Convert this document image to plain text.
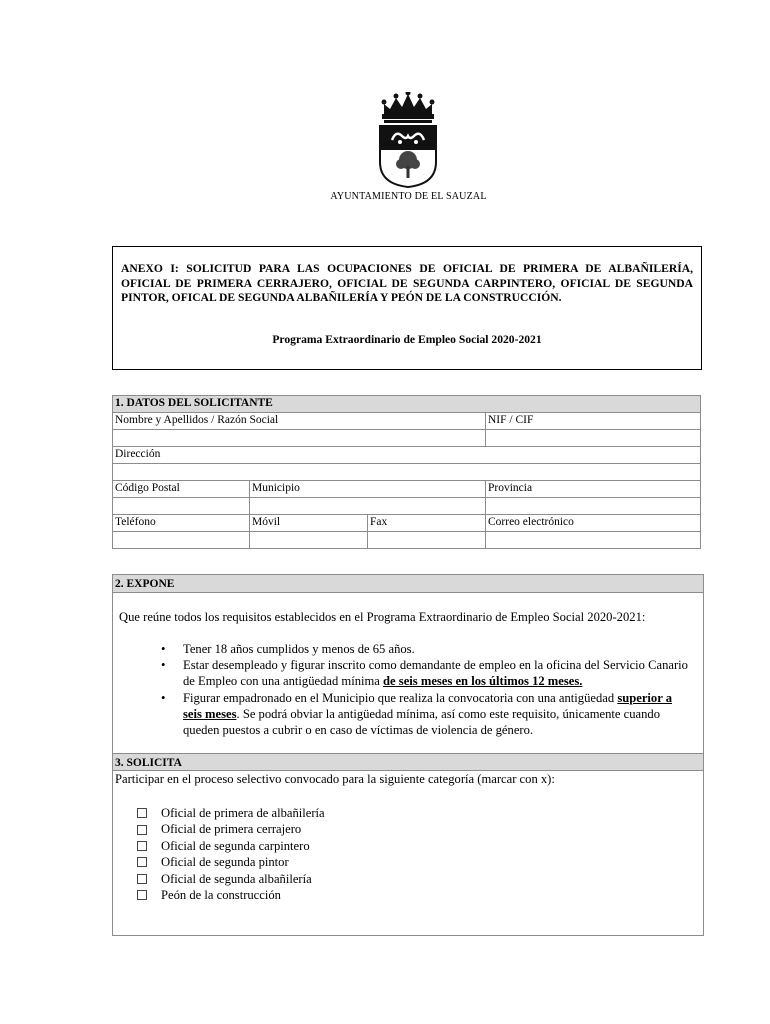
AYUNTAMIENTO DE EL SAUZAL
ANEXO I: SOLICITUD PARA LAS OCUPACIONES DE OFICIAL DE PRIMERA DE ALBAÑILERÍA, OFICIAL DE PRIMERA CERRAJERO, OFICIAL DE SEGUNDA CARPINTERO, OFICIAL DE SEGUNDA PINTOR, OFICAL DE SEGUNDA ALBAÑILERÍA Y PEÓN DE LA CONSTRUCCIÓN.
Programa Extraordinario de Empleo Social 2020-2021
1. DATOS DEL SOLICITANTE			
Nombre y Apellidos / Razón Social			NIF / CIF

Dirección			

Código Postal	Municipio		Provincia

Teléfono	Móvil	Fax	Correo electrónico

2. EXPONE
Que reúne todos los requisitos establecidos en el Programa Extraordinario de Empleo Social 2020-2021:
• Tener 18 años cumplidos y menos de 65 años.
• Estar desempleado y figurar inscrito como demandante de empleo en la oficina del Servicio Canario de Empleo con una antigüedad mínima de seis meses en los últimos 12 meses.
• Figurar empadronado en el Municipio que realiza la convocatoria con una antigüedad superior a seis meses. Se podrá obviar la antigüedad mínima, así como este requisito, únicamente cuando queden puestos a cubrir o en caso de víctimas de violencia de género.
3. SOLICITA
Participar en el proceso selectivo convocado para la siguiente categoría (marcar con x):
Oficial de primera de albañilería
Oficial de primera cerrajero
Oficial de segunda carpintero
Oficial de segunda pintor
Oficial de segunda albañilería
Peón de la construcción
